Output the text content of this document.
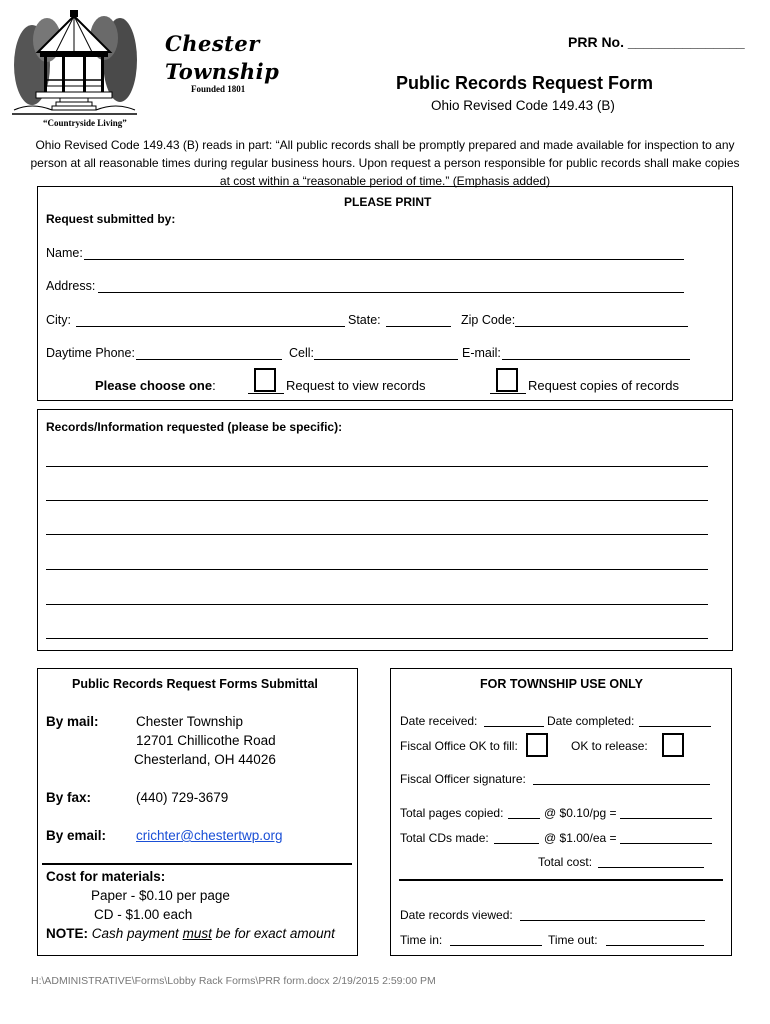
Chester
Township
Founded 1801
“Countryside Living”
PRR No. _______________
Public Records Request Form
Ohio Revised Code 149.43 (B)
Ohio Revised Code 149.43 (B) reads in part: “All public records shall be promptly prepared and made available for inspection to any
person at all reasonable times during regular business hours. Upon request a person responsible for public records shall make copies
at cost within a “reasonable period of time.” (Emphasis added)
PLEASE PRINT
Request submitted by:
Name:
Address:
City:	State:	Zip Code:
Daytime Phone:	Cell:	E-mail:
Please choose one:	Request to view records	Request copies of records
Records/Information requested (please be specific):
Public Records Request Forms Submittal
By mail:	Chester Township
12701 Chillicothe Road
Chesterland, OH 44026
By fax:	(440) 729-3679
By email: crichter@chestertwp.org
Cost for materials:
Paper - $0.10 per page
CD - $1.00 each
NOTE: Cash payment must be for exact amount
FOR TOWNSHIP USE ONLY
Date received:	Date completed:
Fiscal Office OK to fill:	OK to release:
Fiscal Officer signature:
Total pages copied:	@ $0.10/pg =
Total CDs made:	@ $1.00/ea =
Total cost:
Date records viewed:
Time in:	Time out:
H:\ADMINISTRATIVE\Forms\Lobby Rack Forms\PRR form.docx 2/19/2015 2:59:00 PM
